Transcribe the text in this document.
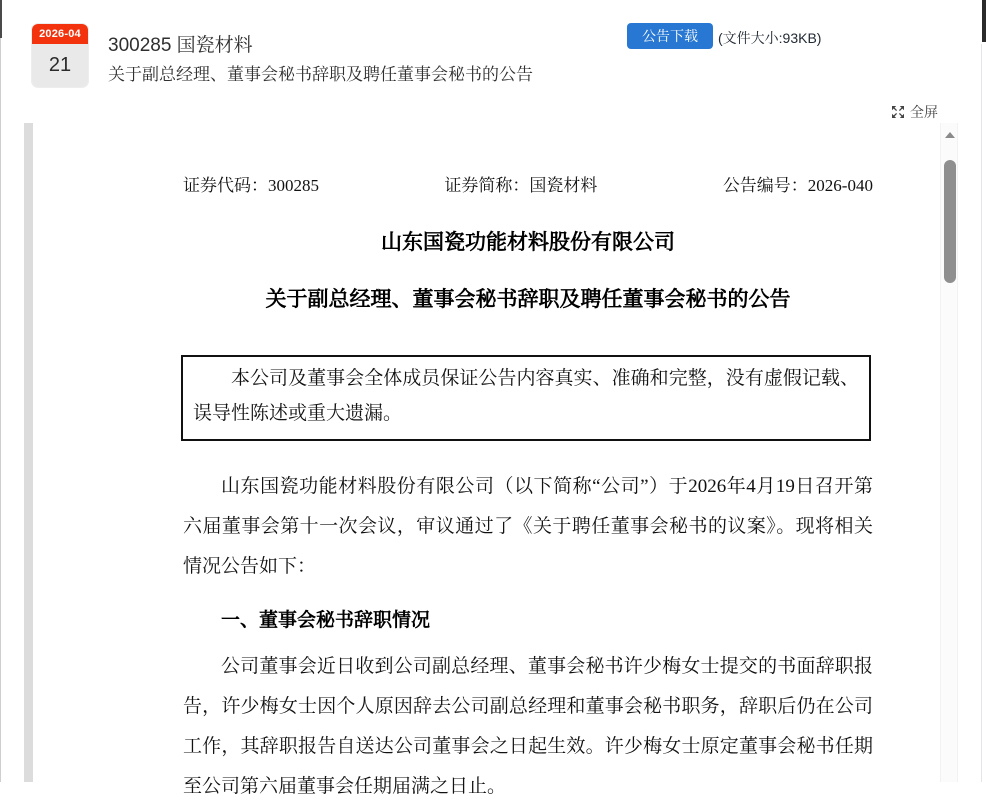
2026-04
21
300285 国瓷材料
关于副总经理、董事会秘书辞职及聘任董事会秘书的公告
公告下载	(文件大小:93KB)
全屏
证券代码：300285	证券简称：国瓷材料	公告编号：2026-040
山东国瓷功能材料股份有限公司
关于副总经理、董事会秘书辞职及聘任董事会秘书的公告
本公司及董事会全体成员保证公告内容真实、准确和完整，没有虚假记载、误导性陈述或重大遗漏。
山东国瓷功能材料股份有限公司（以下简称“公司”）于2026年4月19日召开第六届董事会第十一次会议，审议通过了《关于聘任董事会秘书的议案》。现将相关情况公告如下：
一、董事会秘书辞职情况
公司董事会近日收到公司副总经理、董事会秘书许少梅女士提交的书面辞职报告，许少梅女士因个人原因辞去公司副总经理和董事会秘书职务，辞职后仍在公司工作，其辞职报告自送达公司董事会之日起生效。许少梅女士原定董事会秘书任期至公司第六届董事会任期届满之日止。
